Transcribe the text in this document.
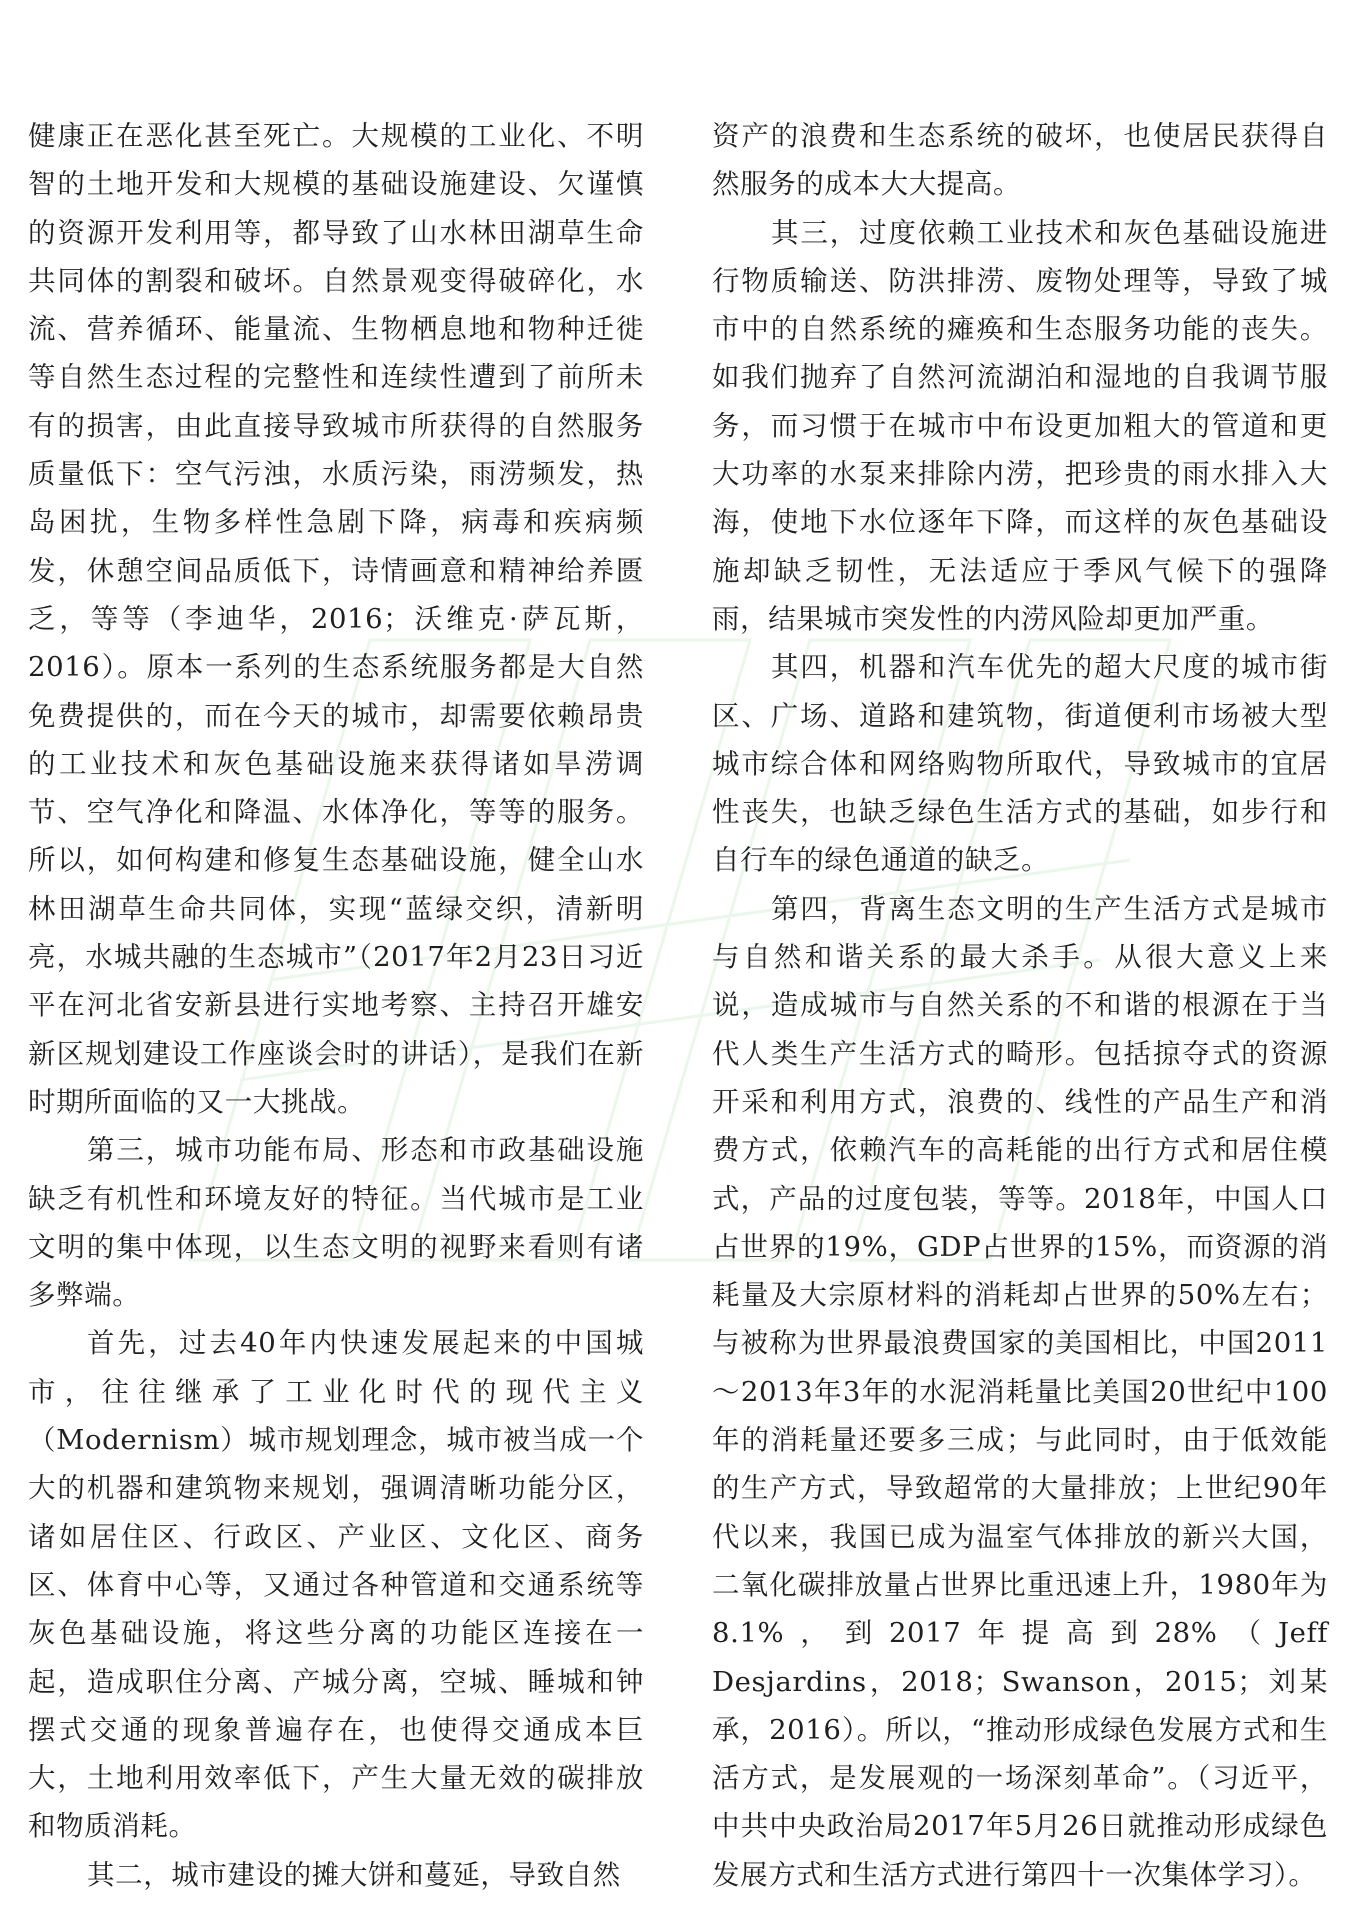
健康正在恶化甚至死亡。大规模的工业化、不明智的土地开发和大规模的基础设施建设、欠谨慎的资源开发利用等，都导致了山水林田湖草生命共同体的割裂和破坏。自然景观变得破碎化，水流、营养循环、能量流、生物栖息地和物种迁徙等自然生态过程的完整性和连续性遭到了前所未有的损害，由此直接导致城市所获得的自然服务质量低下：空气污浊，水质污染，雨涝频发，热岛困扰，生物多样性急剧下降，病毒和疾病频发，休憩空间品质低下，诗情画意和精神给养匮乏，等等（李迪华，2016；沃维克·萨瓦斯，2016）。原本一系列的生态系统服务都是大自然免费提供的，而在今天的城市，却需要依赖昂贵的工业技术和灰色基础设施来获得诸如旱涝调节、空气净化和降温、水体净化，等等的服务。所以，如何构建和修复生态基础设施，健全山水林田湖草生命共同体，实现“蓝绿交织，清新明亮，水城共融的生态城市”（2017年2月23日习近平在河北省安新县进行实地考察、主持召开雄安新区规划建设工作座谈会时的讲话），是我们在新时期所面临的又一大挑战。

第三，城市功能布局、形态和市政基础设施缺乏有机性和环境友好的特征。当代城市是工业文明的集中体现，以生态文明的视野来看则有诸多弊端。

首先，过去40年内快速发展起来的中国城市，往往继承了工业化时代的现代主义（Modernism）城市规划理念，城市被当成一个大的机器和建筑物来规划，强调清晰功能分区，诸如居住区、行政区、产业区、文化区、商务区、体育中心等，又通过各种管道和交通系统等灰色基础设施，将这些分离的功能区连接在一起，造成职住分离、产城分离，空城、睡城和钟摆式交通的现象普遍存在，也使得交通成本巨大，土地利用效率低下，产生大量无效的碳排放和物质消耗。

其二，城市建设的摊大饼和蔓延，导致自然

资产的浪费和生态系统的破坏，也使居民获得自然服务的成本大大提高。

其三，过度依赖工业技术和灰色基础设施进行物质输送、防洪排涝、废物处理等，导致了城市中的自然系统的瘫痪和生态服务功能的丧失。如我们抛弃了自然河流湖泊和湿地的自我调节服务，而习惯于在城市中布设更加粗大的管道和更大功率的水泵来排除内涝，把珍贵的雨水排入大海，使地下水位逐年下降，而这样的灰色基础设施却缺乏韧性，无法适应于季风气候下的强降雨，结果城市突发性的内涝风险却更加严重。

其四，机器和汽车优先的超大尺度的城市街区、广场、道路和建筑物，街道便利市场被大型城市综合体和网络购物所取代，导致城市的宜居性丧失，也缺乏绿色生活方式的基础，如步行和自行车的绿色通道的缺乏。

第四，背离生态文明的生产生活方式是城市与自然和谐关系的最大杀手。从很大意义上来说，造成城市与自然关系的不和谐的根源在于当代人类生产生活方式的畸形。包括掠夺式的资源开采和利用方式，浪费的、线性的产品生产和消费方式，依赖汽车的高耗能的出行方式和居住模式，产品的过度包装，等等。2018年，中国人口占世界的19%，GDP占世界的15%，而资源的消耗量及大宗原材料的消耗却占世界的50%左右；与被称为世界最浪费国家的美国相比，中国2011～2013年3年的水泥消耗量比美国20世纪中100年的消耗量还要多三成；与此同时，由于低效能的生产方式，导致超常的大量排放；上世纪90年代以来，我国已成为温室气体排放的新兴大国，二氧化碳排放量占世界比重迅速上升，1980年为8.1%，到2017年提高到28%（Jeff Desjardins，2018；Swanson，2015；刘某承，2016）。所以，“推动形成绿色发展方式和生活方式，是发展观的一场深刻革命”。（习近平，中共中央政治局2017年5月26日就推动形成绿色发展方式和生活方式进行第四十一次集体学习）。
